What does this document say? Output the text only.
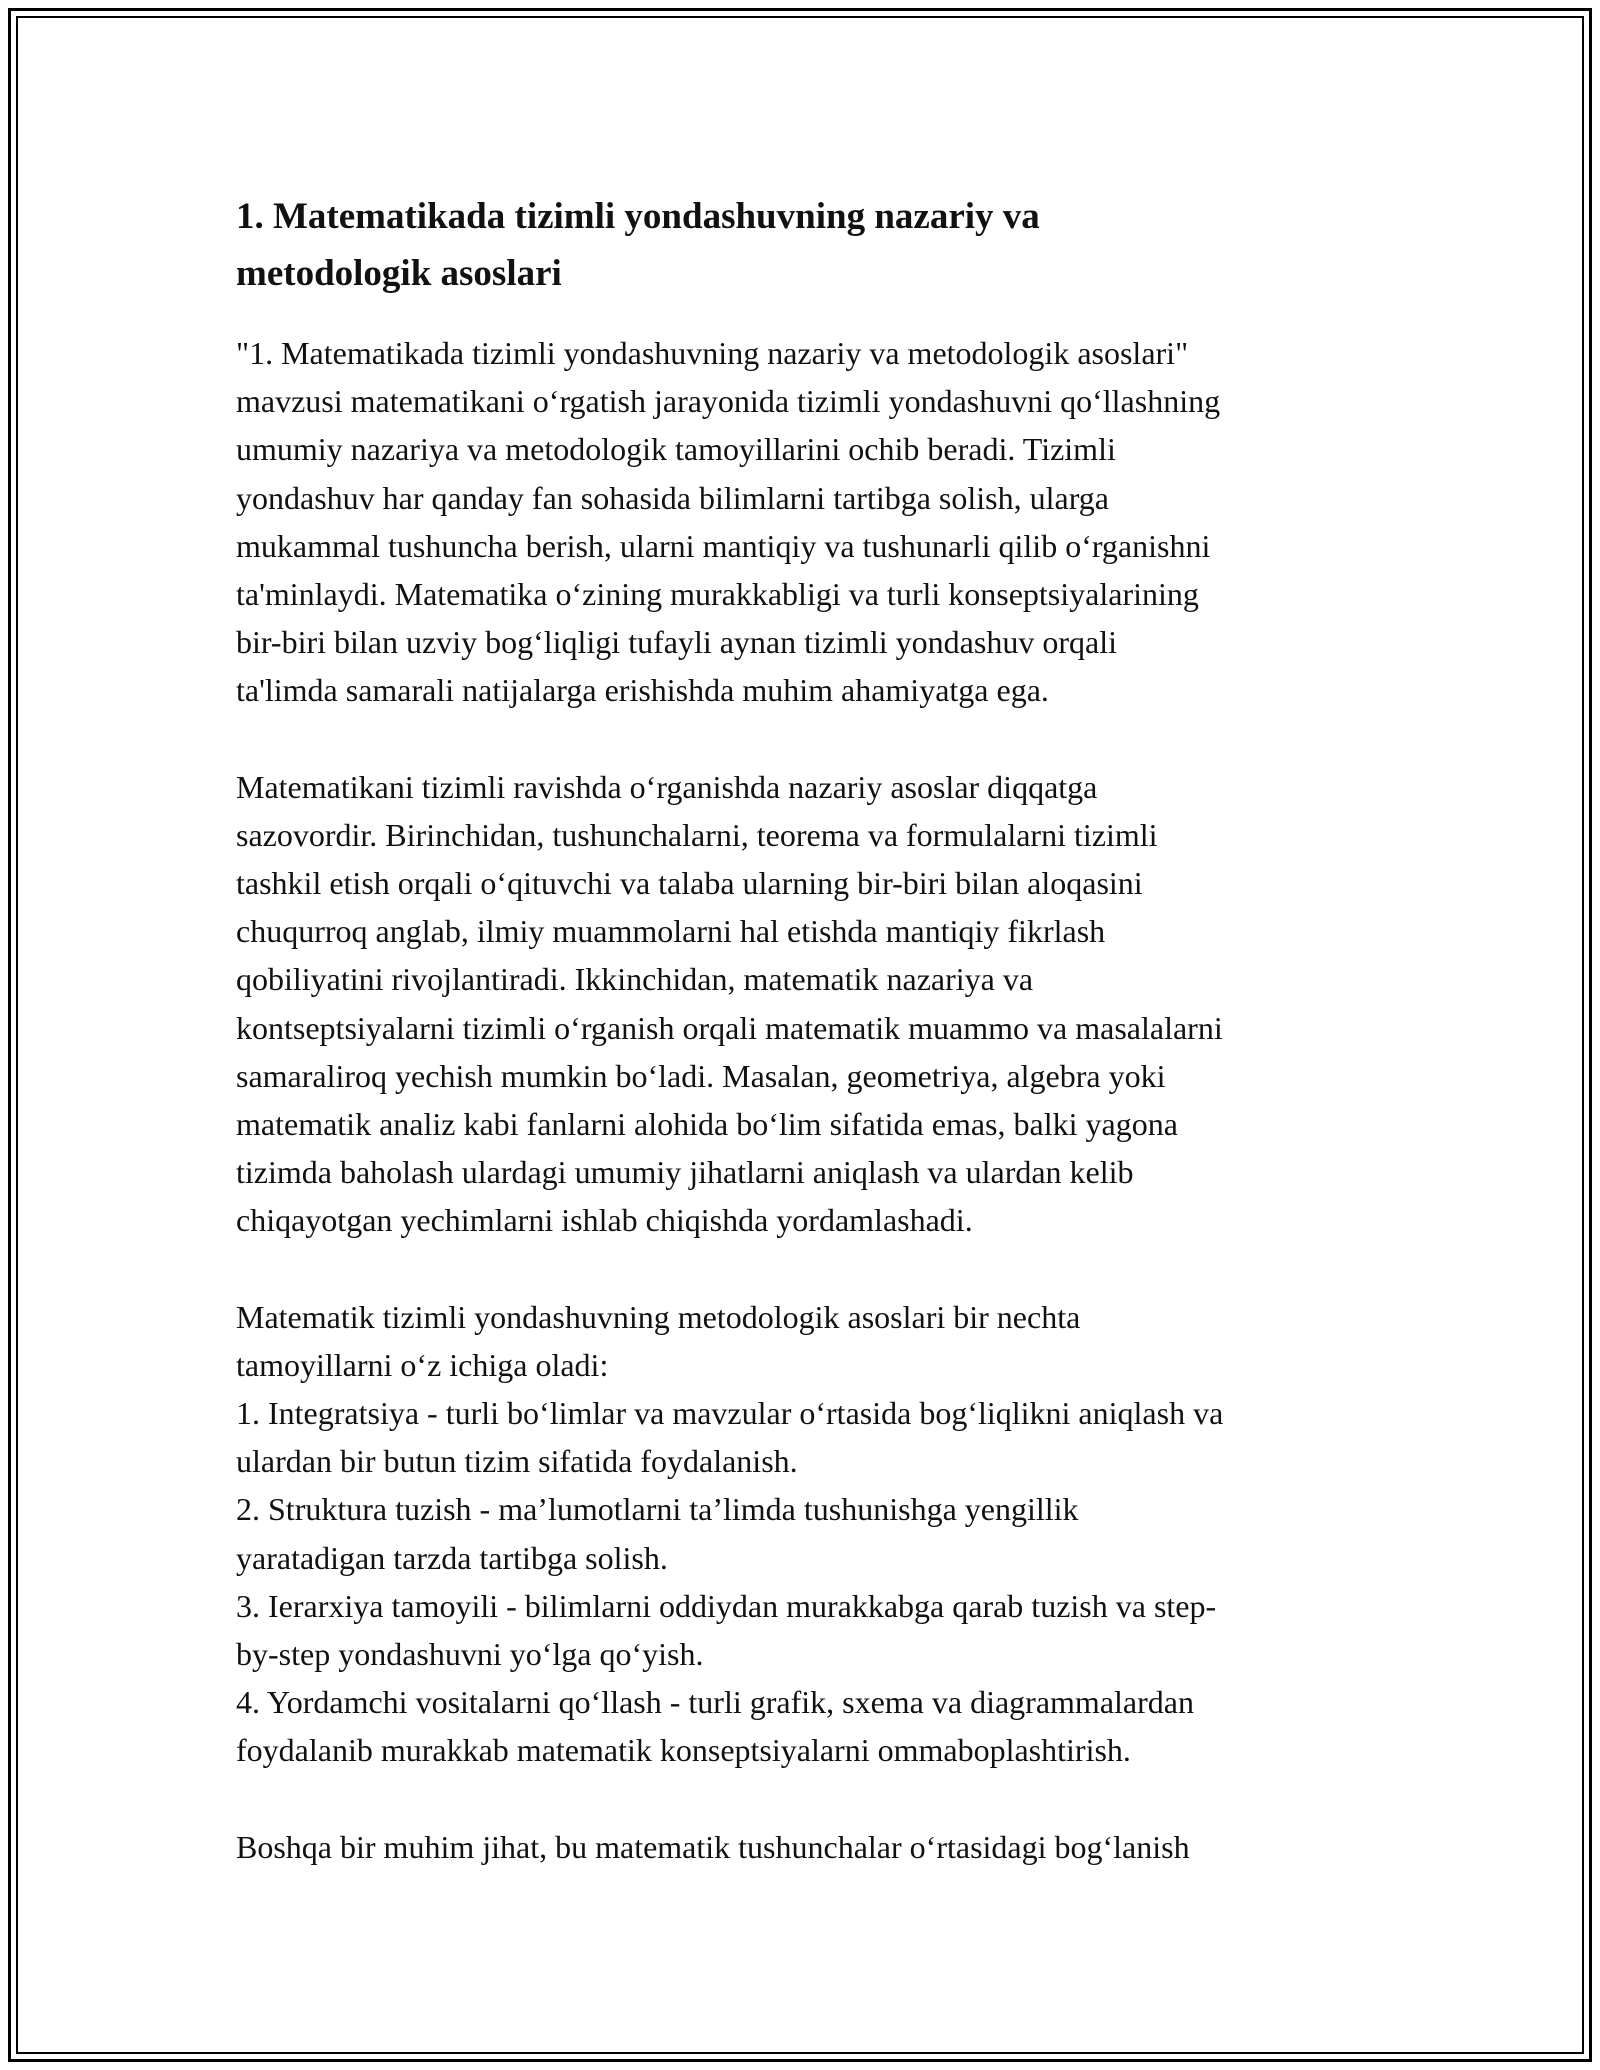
1. Matematikada tizimli yondashuvning nazariy va
metodologik asoslari

"1. Matematikada tizimli yondashuvning nazariy va metodologik asoslari"
mavzusi matematikani oʻrgatish jarayonida tizimli yondashuvni qoʻllashning
umumiy nazariya va metodologik tamoyillarini ochib beradi. Tizimli
yondashuv har qanday fan sohasida bilimlarni tartibga solish, ularga
mukammal tushuncha berish, ularni mantiqiy va tushunarli qilib oʻrganishni
ta'minlaydi. Matematika oʻzining murakkabligi va turli konseptsiyalarining
bir-biri bilan uzviy bogʻliqligi tufayli aynan tizimli yondashuv orqali
ta'limda samarali natijalarga erishishda muhim ahamiyatga ega.

Matematikani tizimli ravishda oʻrganishda nazariy asoslar diqqatga
sazovordir. Birinchidan, tushunchalarni, teorema va formulalarni tizimli
tashkil etish orqali oʻqituvchi va talaba ularning bir-biri bilan aloqasini
chuqurroq anglab, ilmiy muammolarni hal etishda mantiqiy fikrlash
qobiliyatini rivojlantiradi. Ikkinchidan, matematik nazariya va
kontseptsiyalarni tizimli oʻrganish orqali matematik muammo va masalalarni
samaraliroq yechish mumkin boʻladi. Masalan, geometriya, algebra yoki
matematik analiz kabi fanlarni alohida boʻlim sifatida emas, balki yagona
tizimda baholash ulardagi umumiy jihatlarni aniqlash va ulardan kelib
chiqayotgan yechimlarni ishlab chiqishda yordamlashadi.

Matematik tizimli yondashuvning metodologik asoslari bir nechta
tamoyillarni oʻz ichiga oladi:
1. Integratsiya - turli boʻlimlar va mavzular oʻrtasida bogʻliqlikni aniqlash va
ulardan bir butun tizim sifatida foydalanish.
2. Struktura tuzish - maʼlumotlarni taʼlimda tushunishga yengillik
yaratadigan tarzda tartibga solish.
3. Ierarxiya tamoyili - bilimlarni oddiydan murakkabga qarab tuzish va step-
by-step yondashuvni yoʻlga qoʻyish.
4. Yordamchi vositalarni qoʻllash - turli grafik, sxema va diagrammalardan
foydalanib murakkab matematik konseptsiyalarni ommaboplashtirish.

Boshqa bir muhim jihat, bu matematik tushunchalar oʻrtasidagi bogʻlanish
